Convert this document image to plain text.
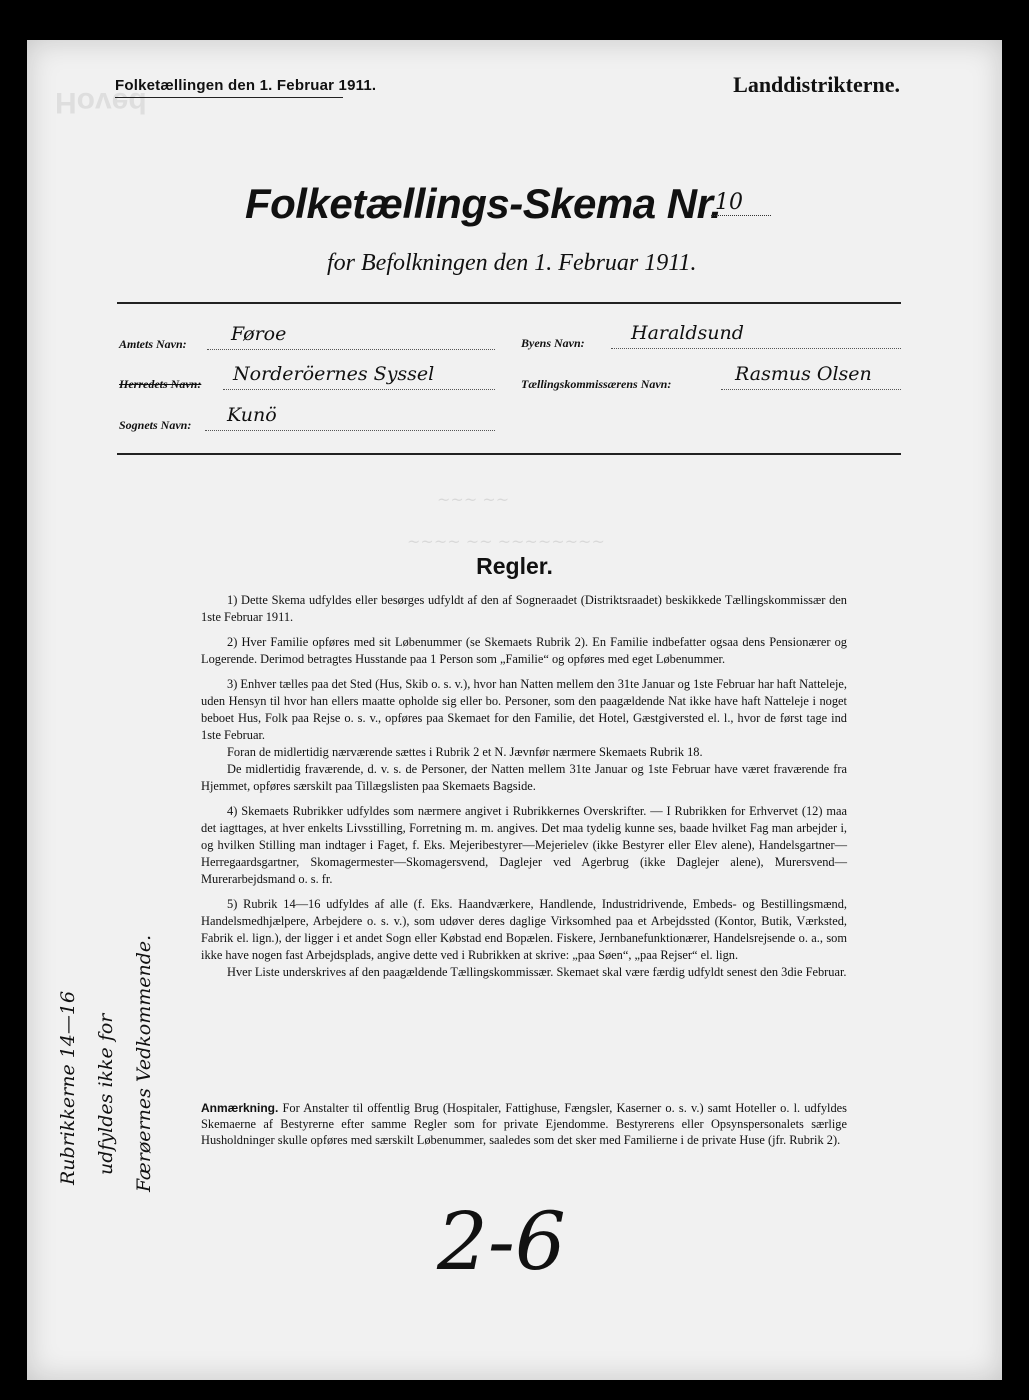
Hoved
Folketællingen den 1. Februar 1911.	Landdistrikterne.
Folketællings-Skema Nr.
10
for Befolkningen den 1. Februar 1911.
Amtets Navn: Føroe
Herredets Navn: Norderöernes Syssel
Sognets Navn: Kunö
Byens Navn: Haraldsund
Tællingskommissærens Navn:	Rasmus Olsen
~~~ ~~
~~~~ ~~ ~~~~~~~~
Regler.

1) Dette Skema udfyldes eller besørges udfyldt af den af Sogneraadet (Distriktsraadet) beskikkede Tællingskommissær den 1ste Februar 1911.

2) Hver Familie opføres med sit Løbenummer (se Skemaets Rubrik 2). En Familie indbefatter ogsaa dens Pensionærer og Logerende. Derimod betragtes Husstande paa 1 Person som „Familie“ og opføres med eget Løbenummer.

3) Enhver tælles paa det Sted (Hus, Skib o. s. v.), hvor han Natten mellem den 31te Januar og 1ste Februar har haft Natteleje, uden Hensyn til hvor han ellers maatte opholde sig eller bo. Personer, som den paagældende Nat ikke have haft Natteleje i noget beboet Hus, Folk paa Rejse o. s. v., opføres paa Skemaet for den Familie, det Hotel, Gæstgiversted el. l., hvor de først tage ind 1ste Februar.

Foran de midlertidig nærværende sættes i Rubrik 2 et N. Jævnfør nærmere Skemaets Rubrik 18.

De midlertidig fraværende, d. v. s. de Personer, der Natten mellem 31te Januar og 1ste Februar have været fraværende fra Hjemmet, opføres særskilt paa Tillægslisten paa Skemaets Bagside.

4) Skemaets Rubrikker udfyldes som nærmere angivet i Rubrikkernes Overskrifter. — I Rubrikken for Erhvervet (12) maa det iagttages, at hver enkelts Livsstilling, Forretning m. m. angives. Det maa tydelig kunne ses, baade hvilket Fag man arbejder i, og hvilken Stilling man indtager i Faget, f. Eks. Mejeribestyrer—Mejerielev (ikke Bestyrer eller Elev alene), Handelsgartner—Herregaardsgartner, Skomagermester—Skomagersvend, Daglejer ved Agerbrug (ikke Daglejer alene), Murersvend—Murerarbejdsmand o. s. fr.

5) Rubrik 14—16 udfyldes af alle (f. Eks. Haandværkere, Handlende, Industridrivende, Embeds- og Bestillingsmænd, Handelsmedhjælpere, Arbejdere o. s. v.), som udøver deres daglige Virksomhed paa et Arbejdssted (Kontor, Butik, Værksted, Fabrik el. lign.), der ligger i et andet Sogn eller Købstad end Bopælen. Fiskere, Jernbanefunktionærer, Handelsrejsende o. a., som ikke have nogen fast Arbejdsplads, angive dette ved i Rubrikken at skrive: „paa Søen“, „paa Rejser“ el. lign.

Hver Liste underskrives af den paagældende Tællingskommissær. Skemaet skal være færdig udfyldt senest den 3die Februar.

Anmærkning. For Anstalter til offentlig Brug (Hospitaler, Fattighuse, Fængsler, Kaserner o. s. v.) samt Hoteller o. l. udfyldes Skemaerne af Bestyrerne efter samme Regler som for private Ejendomme. Bestyrerens eller Opsynspersonalets særlige Husholdninger skulle opføres med særskilt Løbenummer, saaledes som det sker med Familierne i de private Huse (jfr. Rubrik 2).
Rubrikkerne 14—16 udfyldes ikke for Færøernes Vedkommende.
2-6
